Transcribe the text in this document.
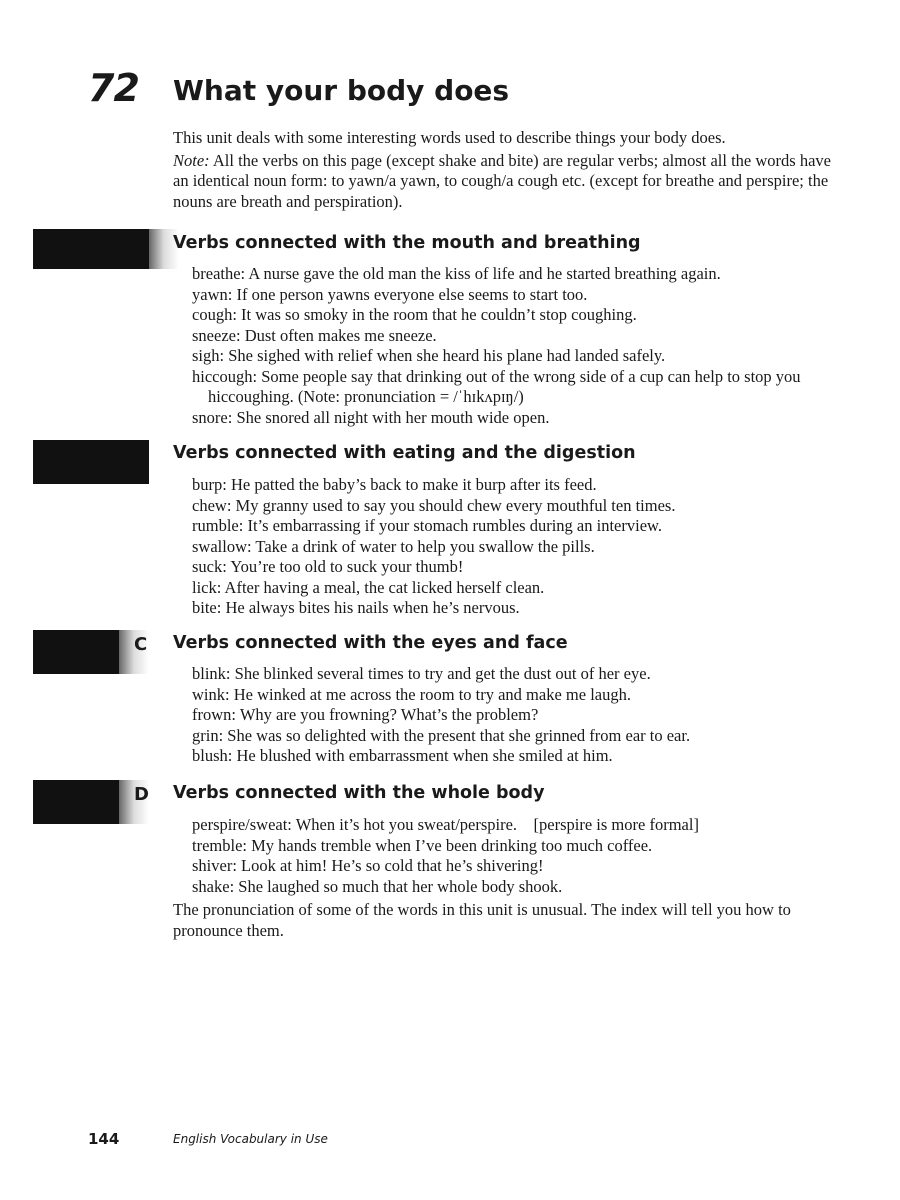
72 What your body does

This unit deals with some interesting words used to describe things your body does.

Note: All the verbs on this page (except shake and bite) are regular verbs; almost all the words have an identical noun form: to yawn/a yawn, to cough/a cough etc. (except for breathe and perspire; the nouns are breath and perspiration).

Verbs connected with the mouth and breathing

breathe: A nurse gave the old man the kiss of life and he started breathing again.

yawn: If one person yawns everyone else seems to start too.

cough: It was so smoky in the room that he couldn’t stop coughing.

sneeze: Dust often makes me sneeze.

sigh: She sighed with relief when she heard his plane had landed safely.

hiccough: Some people say that drinking out of the wrong side of a cup can help to stop you hiccoughing. (Note: pronunciation = /ˈhɪkʌpɪŋ/)

snore: She snored all night with her mouth wide open.

Verbs connected with eating and the digestion

burp: He patted the baby’s back to make it burp after its feed.

chew: My granny used to say you should chew every mouthful ten times.

rumble: It’s embarrassing if your stomach rumbles during an interview.

swallow: Take a drink of water to help you swallow the pills.

suck: You’re too old to suck your thumb!

lick: After having a meal, the cat licked herself clean.

bite: He always bites his nails when he’s nervous.

C Verbs connected with the eyes and face

blink: She blinked several times to try and get the dust out of her eye.

wink: He winked at me across the room to try and make me laugh.

frown: Why are you frowning? What’s the problem?

grin: She was so delighted with the present that she grinned from ear to ear.

blush: He blushed with embarrassment when she smiled at him.

D Verbs connected with the whole body

perspire/sweat: When it’s hot you sweat/perspire.    [perspire is more formal]

tremble: My hands tremble when I’ve been drinking too much coffee.

shiver: Look at him! He’s so cold that he’s shivering!

shake: She laughed so much that her whole body shook.

The pronunciation of some of the words in this unit is unusual. The index will tell you how to pronounce them.

144	English Vocabulary in Use
